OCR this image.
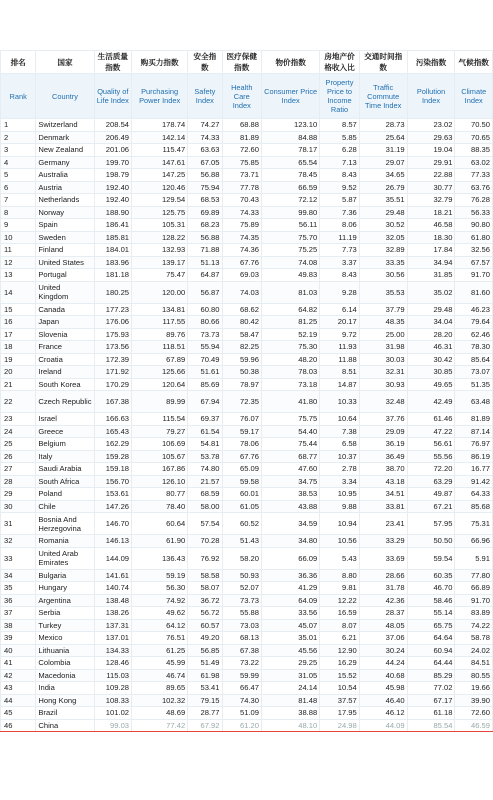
排名	国家	生活质量指数	购买力指数	安全指数	医疗保健指数	物价指数	房地产价格收入比	交通时间指数	污染指数	气候指数
Rank	Country	Quality of Life Index	Purchasing Power Index	Safety Index	Health Care Index	Consumer Price Index	Property Price to Income Ratio	Traffic Commute Time Index	Pollution Index	Climate Index
1	Switzerland	208.54	178.74	74.27	68.88	123.10	8.57	28.73	23.02	70.50
2	Denmark	206.49	142.14	74.33	81.89	84.88	5.85	25.64	29.63	70.65
3	New Zealand	201.06	115.47	63.63	72.60	78.17	6.28	31.19	19.04	88.35
4	Germany	199.70	147.61	67.05	75.85	65.54	7.13	29.07	29.91	63.02
5	Australia	198.79	147.25	56.88	73.71	78.45	8.43	34.65	22.88	77.33
6	Austria	192.40	120.46	75.94	77.78	66.59	9.52	26.79	30.77	63.76
7	Netherlands	192.40	129.54	68.53	70.43	72.12	5.87	35.51	32.79	76.28
8	Norway	188.90	125.75	69.89	74.33	99.80	7.36	29.48	18.21	56.33
9	Spain	186.41	105.31	68.23	75.89	56.11	8.06	30.52	46.58	90.80
10	Sweden	185.81	128.22	56.88	74.35	75.70	11.19	32.05	18.30	61.80
11	Finland	184.01	132.93	71.88	74.36	75.25	7.73	32.89	17.84	32.56
12	United States	183.96	139.17	51.13	67.76	74.08	3.37	33.35	34.94	67.57
13	Portugal	181.18	75.47	64.87	69.03	49.83	8.43	30.56	31.85	91.70
14	United Kingdom	180.25	120.00	56.87	74.03	81.03	9.28	35.53	35.02	81.60
15	Canada	177.23	134.81	60.80	68.62	64.82	6.14	37.79	29.48	46.23
16	Japan	176.06	117.55	80.66	80.42	81.25	20.17	48.35	34.04	79.64
17	Slovenia	175.93	89.76	73.73	58.47	52.19	9.72	25.00	28.20	62.46
18	France	173.56	118.51	55.94	82.25	75.30	11.93	31.98	46.31	78.30
19	Croatia	172.39	67.89	70.49	59.96	48.20	11.88	30.03	30.42	85.64
20	Ireland	171.92	125.66	51.61	50.38	78.03	8.51	32.31	30.85	73.07
21	South Korea	170.29	120.64	85.69	78.97	73.18	14.87	30.93	49.65	51.35
22	Czech Republic	167.38	89.99	67.94	72.35	41.80	10.33	32.48	42.49	63.48
23	Israel	166.63	115.54	69.37	76.07	75.75	10.64	37.76	61.46	81.89
24	Greece	165.43	79.27	61.54	59.17	54.40	7.38	29.09	47.22	87.14
25	Belgium	162.29	106.69	54.81	78.06	75.44	6.58	36.19	56.61	76.97
26	Italy	159.28	105.67	53.78	67.76	68.77	10.37	36.49	55.56	86.19
27	Saudi Arabia	159.18	167.86	74.80	65.09	47.60	2.78	38.70	72.20	16.77
28	South Africa	156.70	126.10	21.57	59.58	34.75	3.34	43.18	63.29	91.42
29	Poland	153.61	80.77	68.59	60.01	38.53	10.95	34.51	49.87	64.33
30	Chile	147.26	78.40	58.00	61.05	43.88	9.88	33.81	67.21	85.68
31	Bosnia And Herzegovina	146.70	60.64	57.54	60.52	34.59	10.94	23.41	57.95	75.31
32	Romania	146.13	61.90	70.28	51.43	34.80	10.56	33.29	50.50	66.96
33	United Arab Emirates	144.09	136.43	76.92	58.20	66.09	5.43	33.69	59.54	5.91
34	Bulgaria	141.61	59.19	58.58	50.93	36.36	8.80	28.66	60.35	77.80
35	Hungary	140.74	56.30	58.07	52.07	41.29	9.81	31.78	46.70	66.89
36	Argentina	138.48	74.92	36.72	73.73	64.09	12.22	42.36	58.46	91.70
37	Serbia	138.26	49.62	56.72	55.88	33.56	16.59	28.37	55.14	83.89
38	Turkey	137.31	64.12	60.57	73.03	45.07	8.07	48.05	65.75	74.22
39	Mexico	137.01	76.51	49.20	68.13	35.01	6.21	37.06	64.64	58.78
40	Lithuania	134.33	61.25	56.85	67.38	45.56	12.90	30.24	60.94	24.02
41	Colombia	128.46	45.99	51.49	73.22	29.25	16.29	44.24	64.44	84.51
42	Macedonia	115.03	46.74	61.98	59.99	31.05	15.52	40.68	85.29	80.55
43	India	109.28	89.65	53.41	66.47	24.14	10.54	45.98	77.02	19.66
44	Hong Kong	108.33	102.32	79.15	74.30	81.48	37.57	46.40	67.17	39.90
45	Brazil	101.02	48.69	28.77	51.09	38.88	17.95	46.12	61.18	72.60
46	China	99.03	77.42	67.92	61.20	48.10	24.98	44.09	85.54	46.59
